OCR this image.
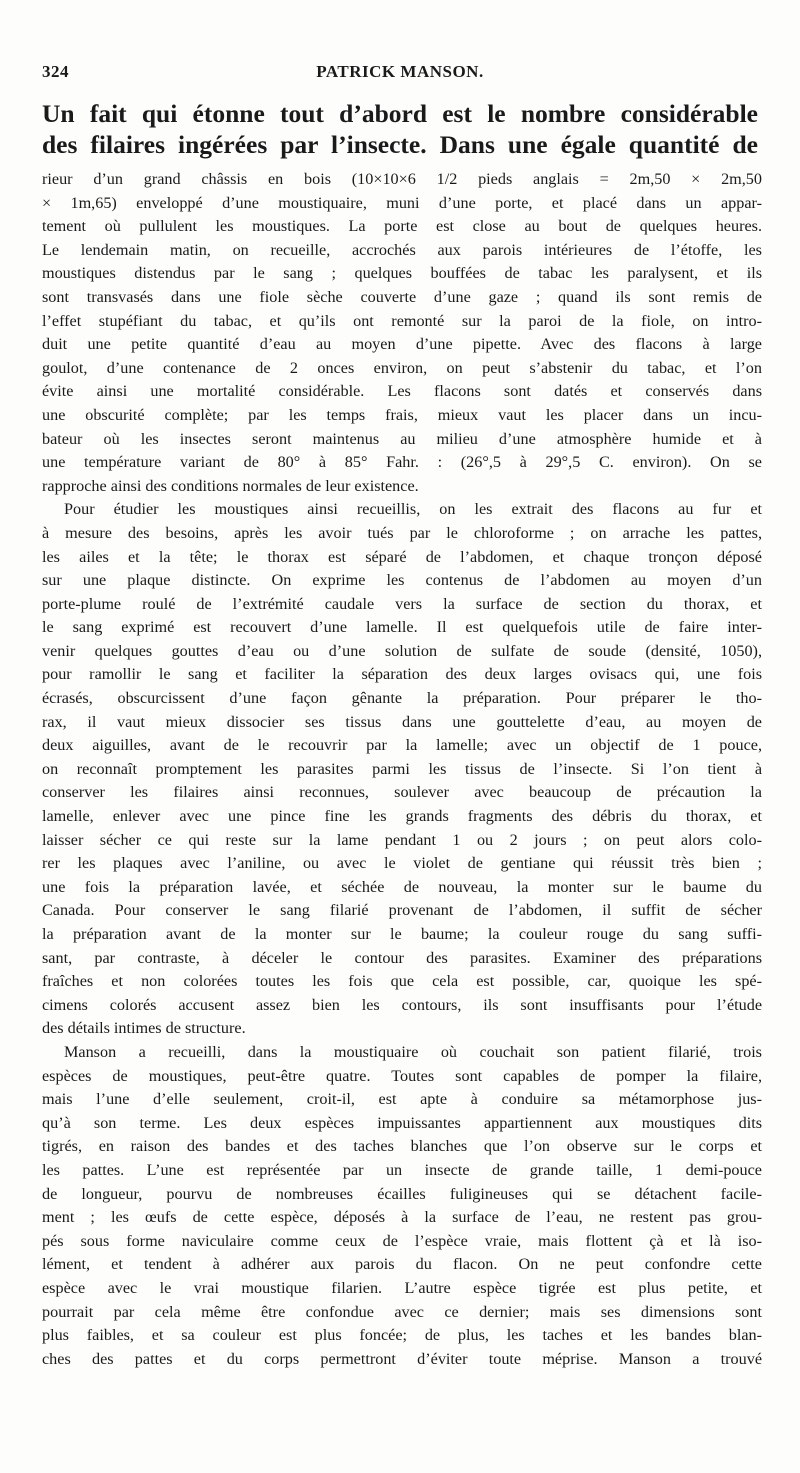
324	PATRICK MANSON.
Un fait qui étonne tout d’abord est le nombre considérable
des filaires ingérées par l’insecte. Dans une égale quantité de
rieur d’un grand châssis en bois (10×10×6 1/2 pieds anglais = 2m,50 × 2m,50
× 1m,65) enveloppé d’une moustiquaire, muni d’une porte, et placé dans un appar-
tement où pullulent les moustiques. La porte est close au bout de quelques heures.
Le lendemain matin, on recueille, accrochés aux parois intérieures de l’étoffe, les
moustiques distendus par le sang ; quelques bouffées de tabac les paralysent, et ils
sont transvasés dans une fiole sèche couverte d’une gaze ; quand ils sont remis de
l’effet stupéfiant du tabac, et qu’ils ont remonté sur la paroi de la fiole, on intro-
duit une petite quantité d’eau au moyen d’une pipette. Avec des flacons à large
goulot, d’une contenance de 2 onces environ, on peut s’abstenir du tabac, et l’on
évite ainsi une mortalité considérable. Les flacons sont datés et conservés dans
une obscurité complète; par les temps frais, mieux vaut les placer dans un incu-
bateur où les insectes seront maintenus au milieu d’une atmosphère humide et à
une température variant de 80° à 85° Fahr. : (26°,5 à 29°,5 C. environ). On se
rapproche ainsi des conditions normales de leur existence.
Pour étudier les moustiques ainsi recueillis, on les extrait des flacons au fur et
à mesure des besoins, après les avoir tués par le chloroforme ; on arrache les pattes,
les ailes et la tête; le thorax est séparé de l’abdomen, et chaque tronçon déposé
sur une plaque distincte. On exprime les contenus de l’abdomen au moyen d’un
porte-plume roulé de l’extrémité caudale vers la surface de section du thorax, et
le sang exprimé est recouvert d’une lamelle. Il est quelquefois utile de faire inter-
venir quelques gouttes d’eau ou d’une solution de sulfate de soude (densité, 1050),
pour ramollir le sang et faciliter la séparation des deux larges ovisacs qui, une fois
écrasés, obscurcissent d’une façon gênante la préparation. Pour préparer le tho-
rax, il vaut mieux dissocier ses tissus dans une gouttelette d’eau, au moyen de
deux aiguilles, avant de le recouvrir par la lamelle; avec un objectif de 1 pouce,
on reconnaît promptement les parasites parmi les tissus de l’insecte. Si l’on tient à
conserver les filaires ainsi reconnues, soulever avec beaucoup de précaution la
lamelle, enlever avec une pince fine les grands fragments des débris du thorax, et
laisser sécher ce qui reste sur la lame pendant 1 ou 2 jours ; on peut alors colo-
rer les plaques avec l’aniline, ou avec le violet de gentiane qui réussit très bien ;
une fois la préparation lavée, et séchée de nouveau, la monter sur le baume du
Canada. Pour conserver le sang filarié provenant de l’abdomen, il suffit de sécher
la préparation avant de la monter sur le baume; la couleur rouge du sang suffi-
sant, par contraste, à déceler le contour des parasites. Examiner des préparations
fraîches et non colorées toutes les fois que cela est possible, car, quoique les spé-
cimens colorés accusent assez bien les contours, ils sont insuffisants pour l’étude
des détails intimes de structure.
Manson a recueilli, dans la moustiquaire où couchait son patient filarié, trois
espèces de moustiques, peut-être quatre. Toutes sont capables de pomper la filaire,
mais l’une d’elle seulement, croit-il, est apte à conduire sa métamorphose jus-
qu’à son terme. Les deux espèces impuissantes appartiennent aux moustiques dits
tigrés, en raison des bandes et des taches blanches que l’on observe sur le corps et
les pattes. L’une est représentée par un insecte de grande taille, 1 demi-pouce
de longueur, pourvu de nombreuses écailles fuligineuses qui se détachent facile-
ment ; les œufs de cette espèce, déposés à la surface de l’eau, ne restent pas grou-
pés sous forme naviculaire comme ceux de l’espèce vraie, mais flottent çà et là iso-
lément, et tendent à adhérer aux parois du flacon. On ne peut confondre cette
espèce avec le vrai moustique filarien. L’autre espèce tigrée est plus petite, et
pourrait par cela même être confondue avec ce dernier; mais ses dimensions sont
plus faibles, et sa couleur est plus foncée; de plus, les taches et les bandes blan-
ches des pattes et du corps permettront d’éviter toute méprise. Manson a trouvé
